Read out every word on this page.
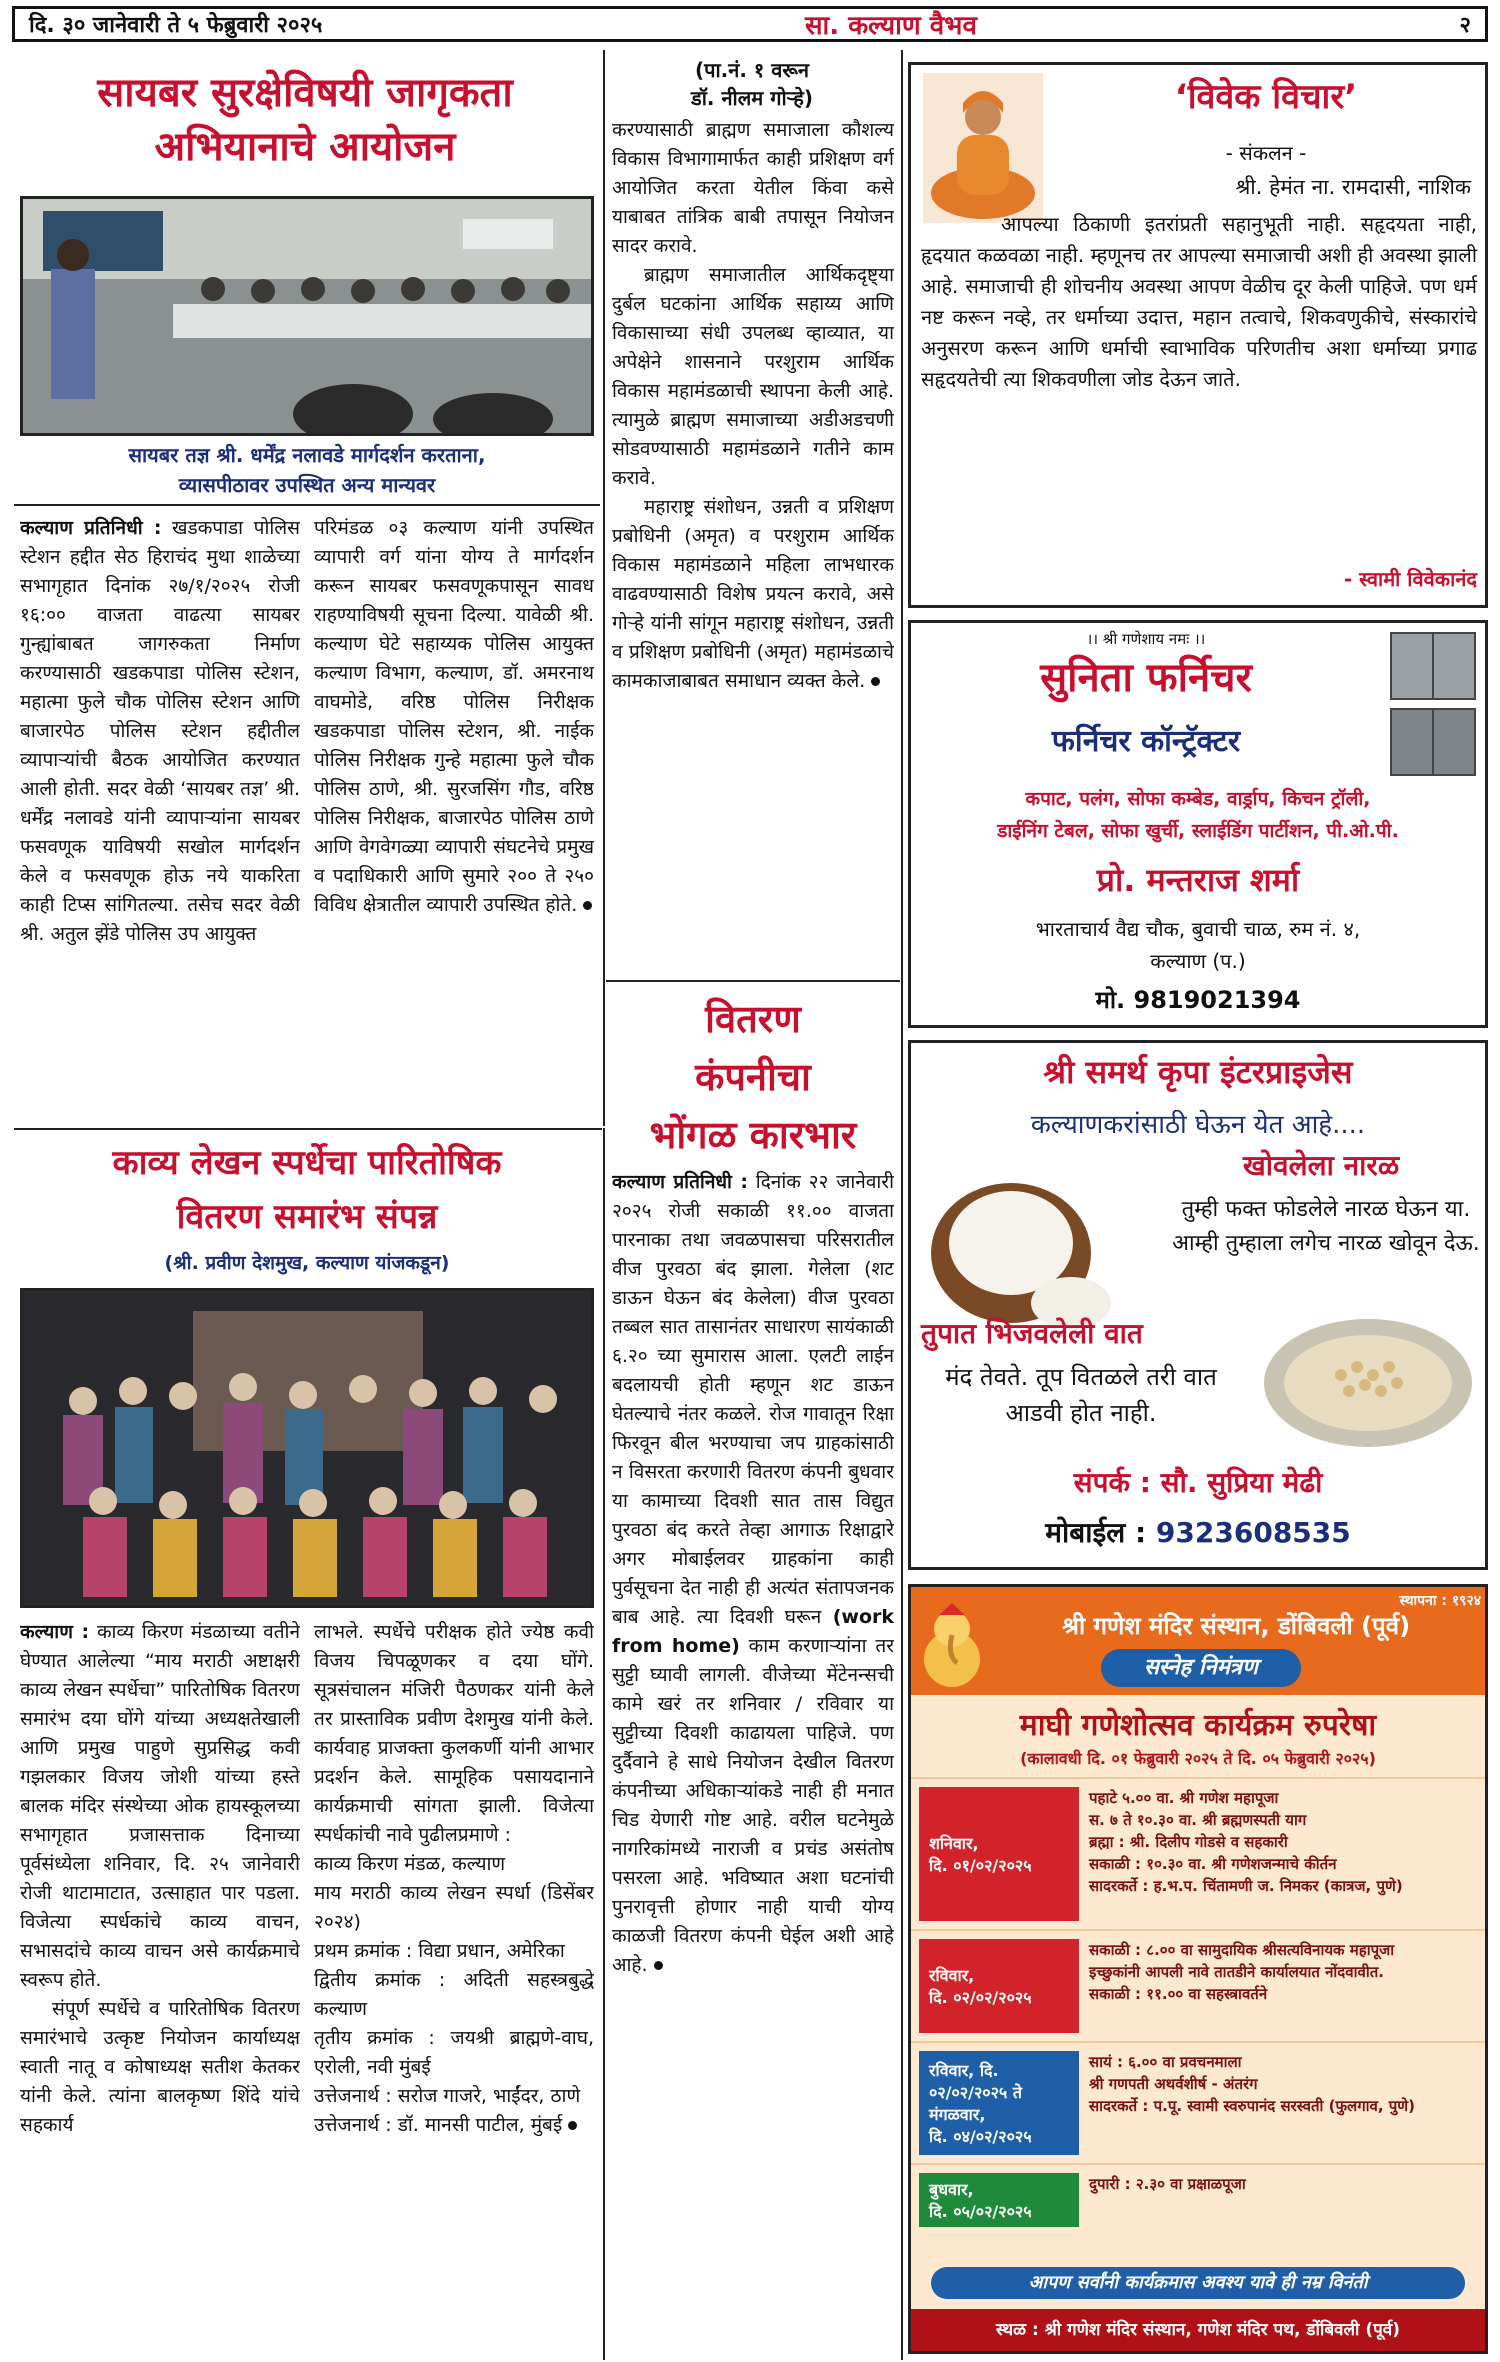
दि. ३० जानेवारी ते ५ फेब्रुवारी २०२५	सा. कल्याण वैभव	२
सायबर सुरक्षेविषयी जागृकता
अभियानाचे आयोजन
सायबर तज्ञ श्री. धर्मेंद्र नलावडे मार्गदर्शन करताना,
व्यासपीठावर उपस्थित अन्य मान्यवर

कल्याण प्रतिनिधी : खडकपाडा पोलिस स्टेशन हद्दीत सेठ हिराचंद मुथा शाळेच्या सभागृहात दिनांक २७/१/२०२५ रोजी १६:०० वाजता वाढत्या सायबर गुन्ह्यांबाबत जागरुकता निर्माण करण्यासाठी खडकपाडा पोलिस स्टेशन, महात्मा फुले चौक पोलिस स्टेशन आणि बाजारपेठ पोलिस स्टेशन हद्दीतील व्यापाऱ्यांची बैठक आयोजित करण्यात आली होती. सदर वेळी ‘सायबर तज्ञ’ श्री. धर्मेंद्र नलावडे यांनी व्यापाऱ्यांना सायबर फसवणूक याविषयी सखोल मार्गदर्शन केले व फसवणूक होऊ नये याकरिता काही टिप्स सांगितल्या. तसेच सदर वेळी श्री. अतुल झेंडे पोलिस उप आयुक्त

परिमंडळ ०३ कल्याण यांनी उपस्थित व्यापारी वर्ग यांना योग्य ते मार्गदर्शन करून सायबर फसवणूकपासून सावध राहण्याविषयी सूचना दिल्या. यावेळी श्री. कल्याण घेटे सहाय्यक पोलिस आयुक्त कल्याण विभाग, कल्याण, डॉ. अमरनाथ वाघमोडे, वरिष्ठ पोलिस निरीक्षक खडकपाडा पोलिस स्टेशन, श्री. नाईक पोलिस निरीक्षक गुन्हे महात्मा फुले चौक पोलिस ठाणे, श्री. सुरजसिंग गौड, वरिष्ठ पोलिस निरीक्षक, बाजारपेठ पोलिस ठाणे आणि वेगवेगळ्या व्यापारी संघटनेचे प्रमुख व पदाधिकारी आणि सुमारे २०० ते २५० विविध क्षेत्रातील व्यापारी उपस्थित होते.

(पा.नं. १ वरून
डॉ. नीलम गोऱ्हे)

करण्यासाठी ब्राह्मण समाजाला कौशल्य विकास विभागामार्फत काही प्रशिक्षण वर्ग आयोजित करता येतील किंवा कसे याबाबत तांत्रिक बाबी तपासून नियोजन सादर करावे.

ब्राह्मण समाजातील आर्थिकदृष्ट्या दुर्बल घटकांना आर्थिक सहाय्य आणि विकासाच्या संधी उपलब्ध व्हाव्यात, या अपेक्षेने शासनाने परशुराम आर्थिक विकास महामंडळाची स्थापना केली आहे. त्यामुळे ब्राह्मण समाजाच्या अडीअडचणी सोडवण्यासाठी महामंडळाने गतीने काम करावे.

महाराष्ट्र संशोधन, उन्नती व प्रशिक्षण प्रबोधिनी (अमृत) व परशुराम आर्थिक विकास महामंडळाने महिला लाभधारक वाढवण्यासाठी विशेष प्रयत्न करावे, असे गोऱ्हे यांनी सांगून महाराष्ट्र संशोधन, उन्नती व प्रशिक्षण प्रबोधिनी (अमृत) महामंडळाचे कामकाजाबाबत समाधान व्यक्त केले.

वितरण
कंपनीचा
भोंगळ कारभार

कल्याण प्रतिनिधी : दिनांक २२ जानेवारी २०२५ रोजी सकाळी ११.०० वाजता पारनाका तथा जवळपासचा परिसरातील वीज पुरवठा बंद झाला. गेलेला (शट डाऊन घेऊन बंद केलेला) वीज पुरवठा तब्बल सात तासानंतर साधारण सायंकाळी ६.२० च्या सुमारास आला. एलटी लाईन बदलायची होती म्हणून शट डाऊन घेतल्याचे नंतर कळले. रोज गावातून रिक्षा फिरवून बील भरण्याचा जप ग्राहकांसाठी न विसरता करणारी वितरण कंपनी बुधवार या कामाच्या दिवशी सात तास विद्युत पुरवठा बंद करते तेव्हा आगाऊ रिक्षाद्वारे अगर मोबाईलवर ग्राहकांना काही पुर्वसूचना देत नाही ही अत्यंत संतापजनक बाब आहे. त्या दिवशी घरून (work from home) काम करणाऱ्यांना तर सुट्टी घ्यावी लागली. वीजेच्या मेंटेनन्सची कामे खरं तर शनिवार / रविवार या सुट्टीच्या दिवशी काढायला पाहिजे. पण दुर्दैवाने हे साधे नियोजन देखील वितरण कंपनीच्या अधिकाऱ्यांकडे नाही ही मनात चिड येणारी गोष्ट आहे. वरील घटनेमुळे नागरिकांमध्ये नाराजी व प्रचंड असंतोष पसरला आहे. भविष्यात अशा घटनांची पुनरावृत्ती होणार नाही याची योग्य काळजी वितरण कंपनी घेईल अशी आहे आहे.

काव्य लेखन स्पर्धेचा पारितोषिक
वितरण समारंभ संपन्न
(श्री. प्रवीण देशमुख, कल्याण यांजकडून)

कल्याण : काव्य किरण मंडळाच्या वतीने घेण्यात आलेल्या “माय मराठी अष्टाक्षरी काव्य लेखन स्पर्धेचा” पारितोषिक वितरण समारंभ दया घोंगे यांच्या अध्यक्षतेखाली आणि प्रमुख पाहुणे सुप्रसिद्ध कवी गझलकार विजय जोशी यांच्या हस्ते बालक मंदिर संस्थेच्या ओक हायस्कूलच्या सभागृहात प्रजासत्ताक दिनाच्या पूर्वसंध्येला शनिवार, दि. २५ जानेवारी रोजी थाटामाटात, उत्साहात पार पडला. विजेत्या स्पर्धकांचे काव्य वाचन, सभासदांचे काव्य वाचन असे कार्यक्रमाचे स्वरूप होते.

संपूर्ण स्पर्धेचे व पारितोषिक वितरण समारंभाचे उत्कृष्ट नियोजन कार्याध्यक्ष स्वाती नातू व कोषाध्यक्ष सतीश केतकर यांनी केले. त्यांना बालकृष्ण शिंदे यांचे सहकार्य

लाभले. स्पर्धेचे परीक्षक होते ज्येष्ठ कवी विजय चिपळूणकर व दया घोंगे. सूत्रसंचालन मंजिरी पैठणकर यांनी केले तर प्रास्ताविक प्रवीण देशमुख यांनी केले. कार्यवाह प्राजक्ता कुलकर्णी यांनी आभार प्रदर्शन केले. सामूहिक पसायदानाने कार्यक्रमाची सांगता झाली. विजेत्या स्पर्धकांची नावे पुढीलप्रमाणे :

काव्य किरण मंडळ, कल्याण

माय मराठी काव्य लेखन स्पर्धा (डिसेंबर २०२४)

प्रथम क्रमांक : विद्या प्रधान, अमेरिका

द्वितीय क्रमांक : अदिती सहस्त्रबुद्धे कल्याण

तृतीय क्रमांक : जयश्री ब्राह्मणे-वाघ, एरोली, नवी मुंबई

उत्तेजनार्थ : सरोज गाजरे, भाईंदर, ठाणे

उत्तेजनार्थ : डॉ. मानसी पाटील, मुंबई

‘विवेक विचार’
- संकलन -
श्री. हेमंत ना. रामदासी, नाशिक
आपल्या ठिकाणी इतरांप्रती सहानुभूती नाही. सहृदयता नाही, हृदयात कळवळा नाही. म्हणूनच तर आपल्या समाजाची अशी ही अवस्था झाली आहे. समाजाची ही शोचनीय अवस्था आपण वेळीच दूर केली पाहिजे. पण धर्म नष्ट करून नव्हे, तर धर्माच्या उदात्त, महान तत्वाचे, शिकवणुकीचे, संस्कारांचे अनुसरण करून आणि धर्माची स्वाभाविक परिणतीच अशा धर्माच्या प्रगाढ सहृदयतेची त्या शिकवणीला जोड देऊन जाते.
- स्वामी विवेकानंद
।। श्री गणेशाय नमः ।।
सुनिता फर्निचर
फर्निचर कॉन्ट्रॅक्टर
कपाट, पलंग, सोफा कम्बेड, वार्ड्राप, किचन ट्रॉली,
डाईनिंग टेबल, सोफा खुर्ची, स्लाईडिंग पार्टीशन, पी.ओ.पी.
प्रो. मन्तराज शर्मा
भारताचार्य वैद्य चौक, बुवाची चाळ, रुम नं. ४,
कल्याण (प.)
मो. 9819021394
श्री समर्थ कृपा इंटरप्राइजेस
कल्याणकरांसाठी घेऊन येत आहे....
खोवलेला नारळ
तुम्ही फक्त फोडलेले नारळ घेऊन या. आम्ही तुम्हाला लगेच नारळ खोवून देऊ.
तुपात भिजवलेली वात
मंद तेवते. तूप वितळले तरी वात आडवी होत नाही.
संपर्क : सौ. सुप्रिया मेढी
मोबाईल : 9323608535
स्थापना : १९२४
श्री गणेश मंदिर संस्थान, डोंबिवली (पूर्व)
सस्नेह निमंत्रण
माघी गणेशोत्सव कार्यक्रम रुपरेषा
(कालावधी दि. ०१ फेब्रुवारी २०२५ ते दि. ०५ फेब्रुवारी २०२५)
शनिवार,
दि. ०१/०२/२०२५
पहाटे ५.०० वा. श्री गणेश महापूजा
स. ७ ते १०.३० वा. श्री ब्रह्मणस्पती याग
ब्रह्मा : श्री. दिलीप गोडसे व सहकारी
सकाळी : १०.३० वा. श्री गणेशजन्माचे कीर्तन
सादरकर्ते : ह.भ.प. चिंतामणी ज. निमकर (कात्रज, पुणे)
रविवार,
दि. ०२/०२/२०२५
सकाळी : ८.०० वा सामुदायिक श्रीसत्यविनायक महापूजा
इच्छुकांनी आपली नावे तातडीने कार्यालयात नोंदवावीत.
सकाळी : ११.०० वा सहस्त्रावर्तने
रविवार, दि. ०२/०२/२०२५ ते मंगळवार,
दि. ०४/०२/२०२५
सायं : ६.०० वा प्रवचनमाला
श्री गणपती अथर्वशीर्ष - अंतरंग
सादरकर्ते : प.पू. स्वामी स्वरुपानंद सरस्वती (फुलगाव, पुणे)
बुधवार,
दि. ०५/०२/२०२५
दुपारी : २.३० वा प्रक्षाळपूजा
आपण सर्वांनी कार्यक्रमास अवश्य यावे ही नम्र विनंती
स्थळ : श्री गणेश मंदिर संस्थान, गणेश मंदिर पथ, डोंबिवली (पूर्व)
